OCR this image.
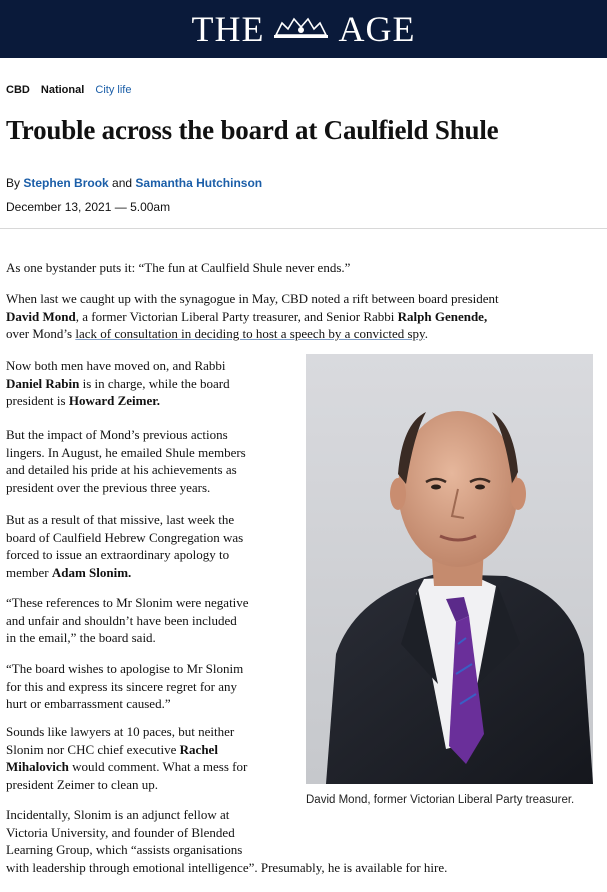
THE AGE
CBD National City life
Trouble across the board at Caulfield Shule
By Stephen Brook and Samantha Hutchinson
December 13, 2021 — 5.00am

As one bystander puts it: “The fun at Caulfield Shule never ends.”

When last we caught up with the synagogue in May, CBD noted a rift between board president
David Mond, a former Victorian Liberal Party treasurer, and Senior Rabbi Ralph Genende,
over Mond’s lack of consultation in deciding to host a speech by a convicted spy.

Now both men have moved on, and Rabbi
Daniel Rabin is in charge, while the board
president is Howard Zeimer.

But the impact of Mond’s previous actions
lingers. In August, he emailed Shule members
and detailed his pride at his achievements as
president over the previous three years.

But as a result of that missive, last week the
board of Caulfield Hebrew Congregation was
forced to issue an extraordinary apology to
member Adam Slonim.

“These references to Mr Slonim were negative
and unfair and shouldn’t have been included
in the email,” the board said.

“The board wishes to apologise to Mr Slonim
for this and express its sincere regret for any
hurt or embarrassment caused.”

Sounds like lawyers at 10 paces, but neither
Slonim nor CHC chief executive Rachel
Mihalovich would comment. What a mess for
president Zeimer to clean up.

Incidentally, Slonim is an adjunct fellow at
Victoria University, and founder of Blended
Learning Group, which “assists organisations
with leadership through emotional intelligence”. Presumably, he is available for hire.

David Mond, former Victorian Liberal Party treasurer.
